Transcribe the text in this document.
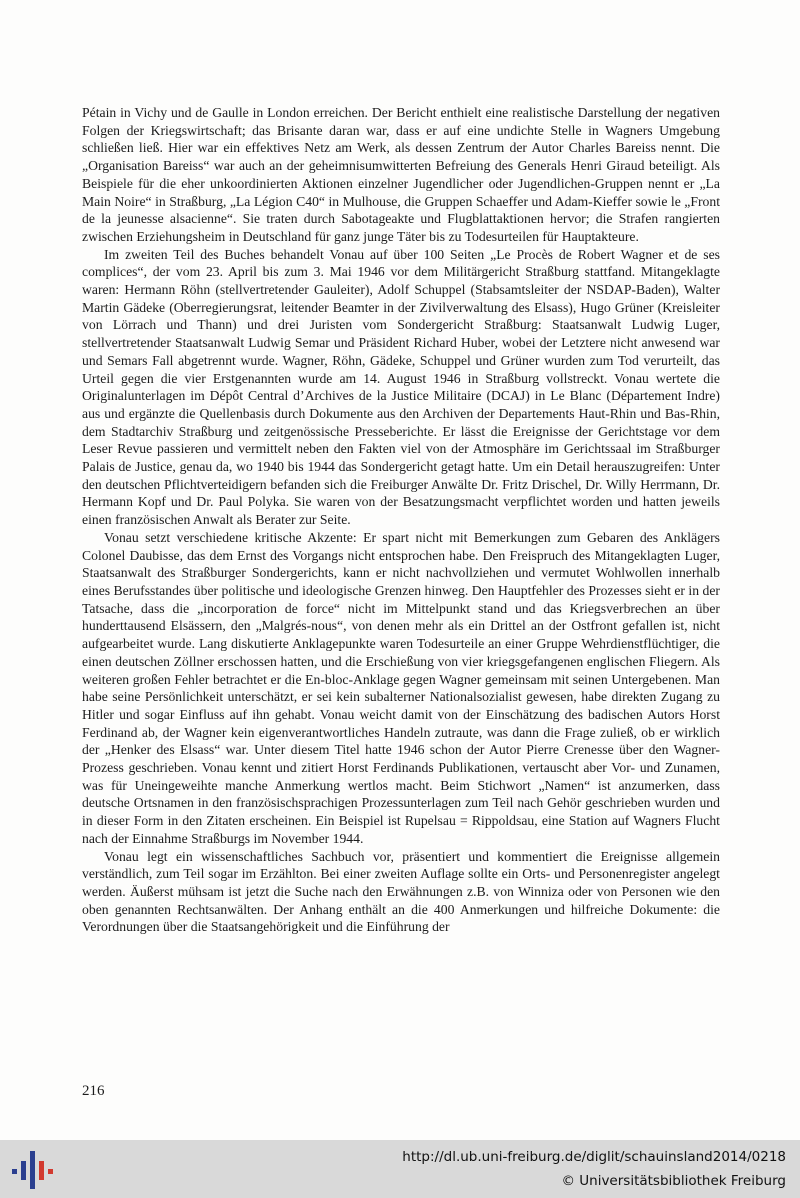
Pétain in Vichy und de Gaulle in London erreichen. Der Bericht enthielt eine realistische Darstellung der negativen Folgen der Kriegswirtschaft; das Brisante daran war, dass er auf eine undichte Stelle in Wagners Umgebung schließen ließ. Hier war ein effektives Netz am Werk, als dessen Zentrum der Autor Charles Bareiss nennt. Die „Organisation Bareiss“ war auch an der geheimnisumwitterten Befreiung des Generals Henri Giraud beteiligt. Als Beispiele für die eher unkoordinierten Aktionen einzelner Jugendlicher oder Jugendlichen-Gruppen nennt er „La Main Noire“ in Straßburg, „La Légion C40“ in Mulhouse, die Gruppen Schaeffer und Adam-Kieffer sowie le „Front de la jeunesse alsacienne“. Sie traten durch Sabotageakte und Flugblattaktionen hervor; die Strafen rangierten zwischen Erziehungsheim in Deutschland für ganz junge Täter bis zu Todesurteilen für Hauptakteure.

Im zweiten Teil des Buches behandelt Vonau auf über 100 Seiten „Le Procès de Robert Wagner et de ses complices“, der vom 23. April bis zum 3. Mai 1946 vor dem Militärgericht Straßburg stattfand. Mitangeklagte waren: Hermann Röhn (stellvertretender Gauleiter), Adolf Schuppel (Stabsamtsleiter der NSDAP-Baden), Walter Martin Gädeke (Oberregierungsrat, leitender Beamter in der Zivilverwaltung des Elsass), Hugo Grüner (Kreisleiter von Lörrach und Thann) und drei Juristen vom Sondergericht Straßburg: Staatsanwalt Ludwig Luger, stellvertretender Staatsanwalt Ludwig Semar und Präsident Richard Huber, wobei der Letztere nicht anwesend war und Semars Fall abgetrennt wurde. Wagner, Röhn, Gädeke, Schuppel und Grüner wurden zum Tod verurteilt, das Urteil gegen die vier Erstgenannten wurde am 14. August 1946 in Straßburg vollstreckt. Vonau wertete die Originalunterlagen im Dépôt Central d’Archives de la Justice Militaire (DCAJ) in Le Blanc (Département Indre) aus und ergänzte die Quellenbasis durch Dokumente aus den Archiven der Departements Haut-Rhin und Bas-Rhin, dem Stadtarchiv Straßburg und zeitgenössische Presseberichte. Er lässt die Ereignisse der Gerichtstage vor dem Leser Revue passieren und vermittelt neben den Fakten viel von der Atmosphäre im Gerichtssaal im Straßburger Palais de Justice, genau da, wo 1940 bis 1944 das Sondergericht getagt hatte. Um ein Detail herauszugreifen: Unter den deutschen Pflichtverteidigern befanden sich die Freiburger Anwälte Dr. Fritz Drischel, Dr. Willy Herrmann, Dr. Hermann Kopf und Dr. Paul Polyka. Sie waren von der Besatzungsmacht verpflichtet worden und hatten jeweils einen französischen Anwalt als Berater zur Seite.

Vonau setzt verschiedene kritische Akzente: Er spart nicht mit Bemerkungen zum Gebaren des Anklägers Colonel Daubisse, das dem Ernst des Vorgangs nicht entsprochen habe. Den Freispruch des Mitangeklagten Luger, Staatsanwalt des Straßburger Sondergerichts, kann er nicht nachvollziehen und vermutet Wohlwollen innerhalb eines Berufsstandes über politische und ideologische Grenzen hinweg. Den Hauptfehler des Prozesses sieht er in der Tatsache, dass die „incorporation de force“ nicht im Mittelpunkt stand und das Kriegsverbrechen an über hunderttausend Elsässern, den „Malgrés-nous“, von denen mehr als ein Drittel an der Ostfront gefallen ist, nicht aufgearbeitet wurde. Lang diskutierte Anklagepunkte waren Todesurteile an einer Gruppe Wehrdienstflüchtiger, die einen deutschen Zöllner erschossen hatten, und die Erschießung von vier kriegsgefangenen englischen Fliegern. Als weiteren großen Fehler betrachtet er die En-bloc-Anklage gegen Wagner gemeinsam mit seinen Untergebenen. Man habe seine Persönlichkeit unterschätzt, er sei kein subalterner Nationalsozialist gewesen, habe direkten Zugang zu Hitler und sogar Einfluss auf ihn gehabt. Vonau weicht damit von der Einschätzung des badischen Autors Horst Ferdinand ab, der Wagner kein eigenverantwortliches Handeln zutraute, was dann die Frage zuließ, ob er wirklich der „Henker des Elsass“ war. Unter diesem Titel hatte 1946 schon der Autor Pierre Crenesse über den Wagner-Prozess geschrieben. Vonau kennt und zitiert Horst Ferdinands Publikationen, vertauscht aber Vor- und Zunamen, was für Uneingeweihte manche Anmerkung wertlos macht. Beim Stichwort „Namen“ ist anzumerken, dass deutsche Ortsnamen in den französischsprachigen Prozessunterlagen zum Teil nach Gehör geschrieben wurden und in dieser Form in den Zitaten erscheinen. Ein Beispiel ist Rupelsau = Rippoldsau, eine Station auf Wagners Flucht nach der Einnahme Straßburgs im November 1944.

Vonau legt ein wissenschaftliches Sachbuch vor, präsentiert und kommentiert die Ereignisse allgemein verständlich, zum Teil sogar im Erzählton. Bei einer zweiten Auflage sollte ein Orts- und Personenregister angelegt werden. Äußerst mühsam ist jetzt die Suche nach den Erwähnungen z.B. von Winniza oder von Personen wie den oben genannten Rechtsanwälten. Der Anhang enthält an die 400 Anmerkungen und hilfreiche Dokumente: die Verordnungen über die Staatsangehörigkeit und die Einführung der

216
http://dl.ub.uni-freiburg.de/diglit/schauinsland2014/0218
© Universitätsbibliothek Freiburg
